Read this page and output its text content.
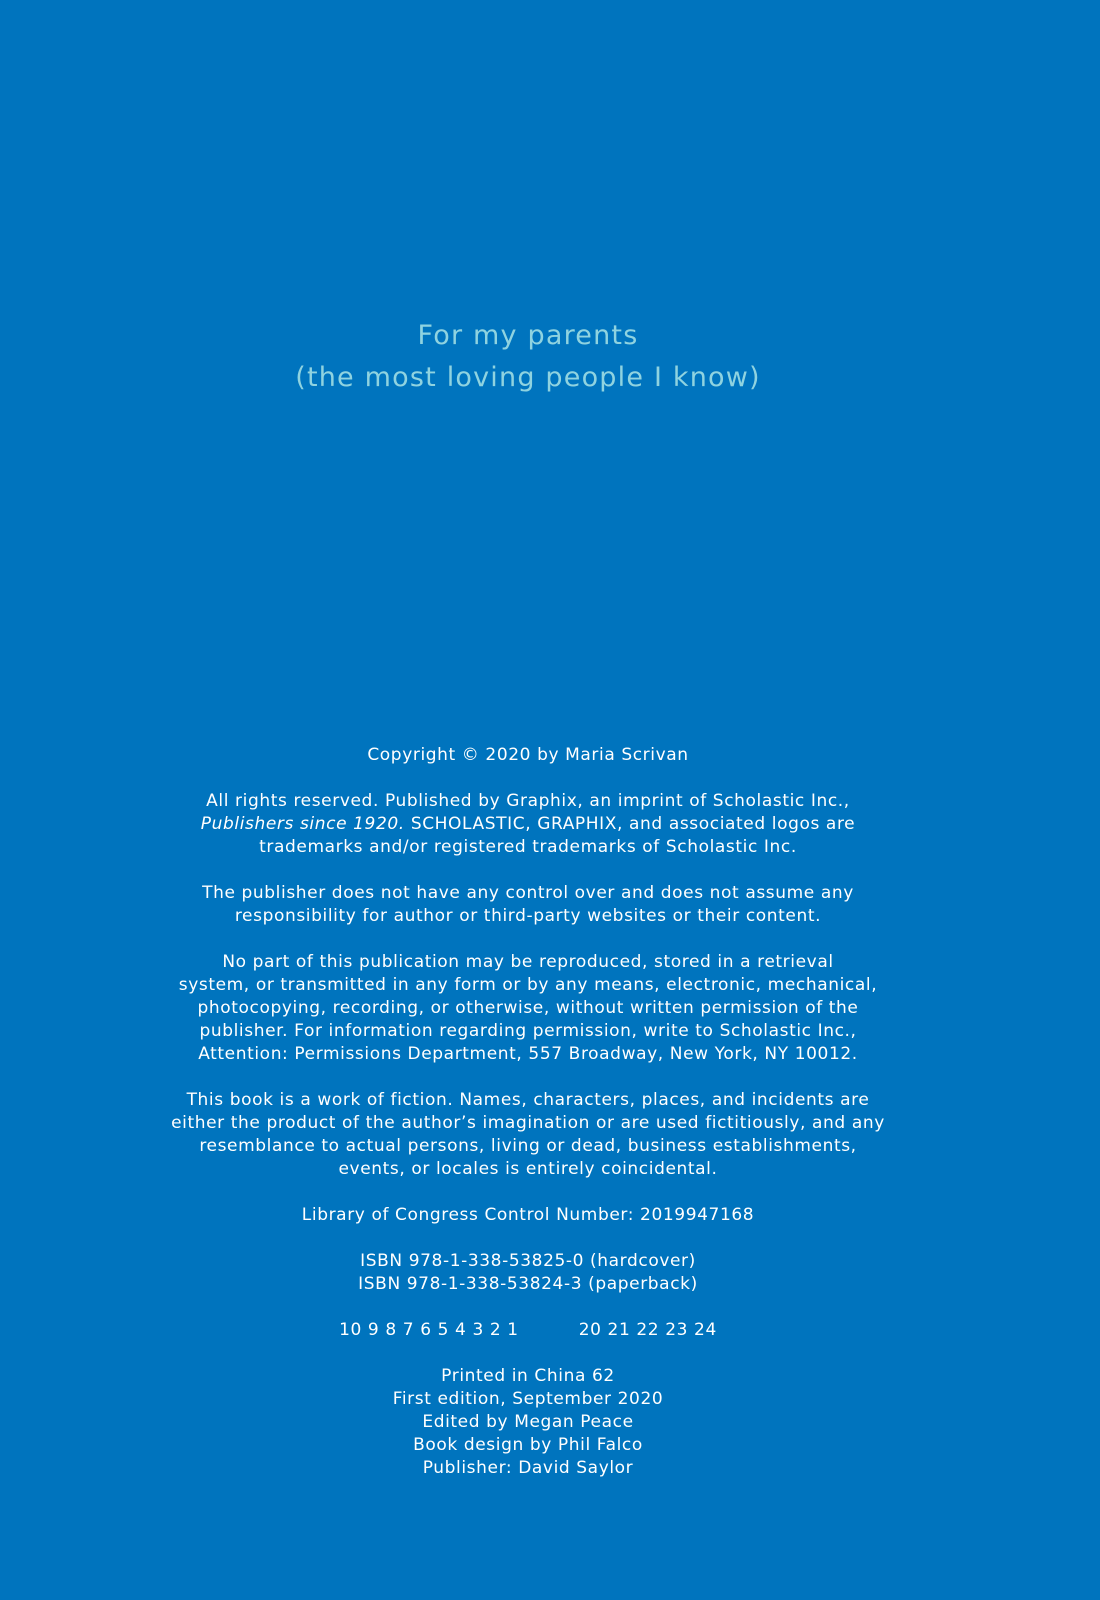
For my parents
(the most loving people I know)
Copyright © 2020 by Maria Scrivan
All rights reserved. Published by Graphix, an imprint of Scholastic Inc.,
Publishers since 1920. SCHOLASTIC, GRAPHIX, and associated logos are
trademarks and/or registered trademarks of Scholastic Inc.
The publisher does not have any control over and does not assume any
responsibility for author or third-party websites or their content.
No part of this publication may be reproduced, stored in a retrieval
system, or transmitted in any form or by any means, electronic, mechanical,
photocopying, recording, or otherwise, without written permission of the
publisher. For information regarding permission, write to Scholastic Inc.,
Attention: Permissions Department, 557 Broadway, New York, NY 10012.
This book is a work of fiction. Names, characters, places, and incidents are
either the product of the author’s imagination or are used fictitiously, and any
resemblance to actual persons, living or dead, business establishments,
events, or locales is entirely coincidental.
Library of Congress Control Number: 2019947168
ISBN 978-1-338-53825-0 (hardcover)
ISBN 978-1-338-53824-3 (paperback)
10 9 8 7 6 5 4 3 2 1	20 21 22 23 24
Printed in China 62
First edition, September 2020
Edited by Megan Peace
Book design by Phil Falco
Publisher: David Saylor
